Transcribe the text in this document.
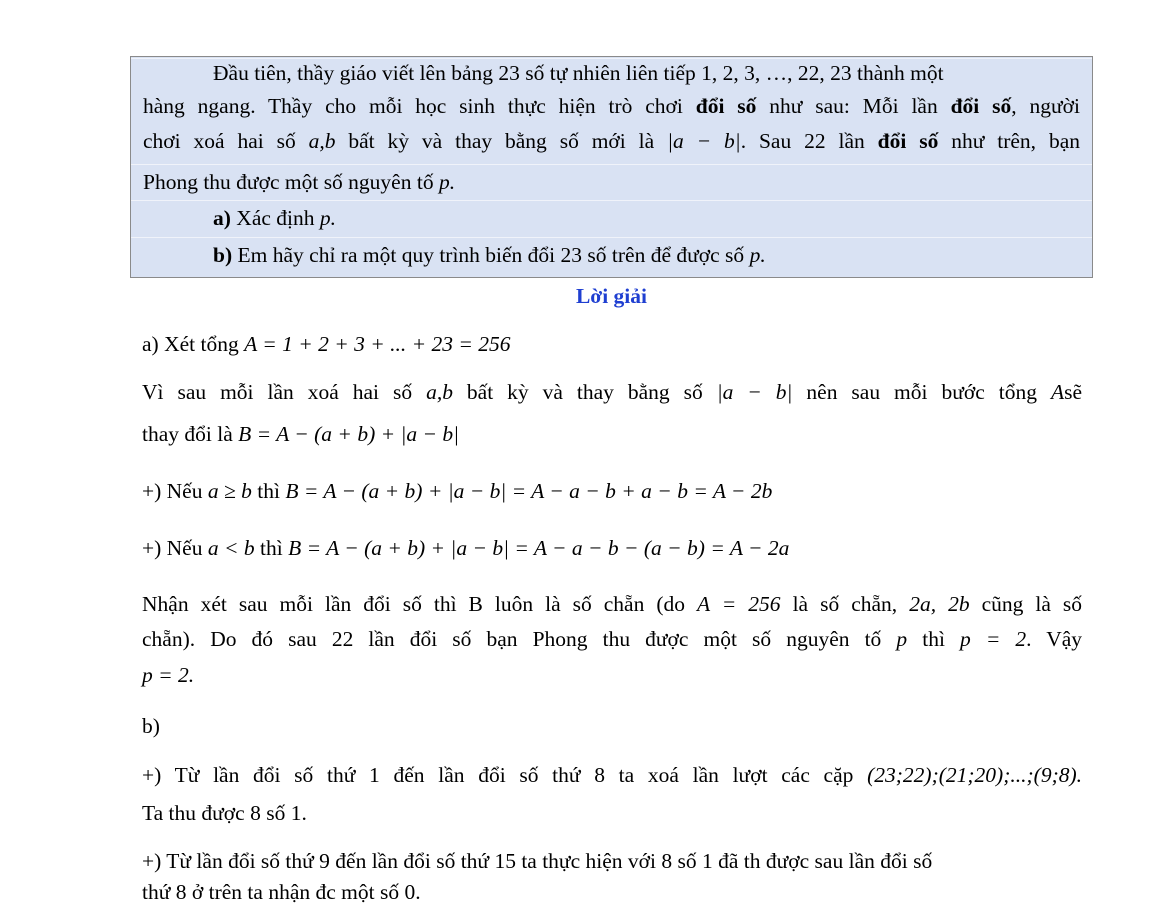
Đầu tiên, thầy giáo viết lên bảng 23 số tự nhiên liên tiếp 1, 2, 3, …, 22, 23 thành một
hàng ngang. Thầy cho mỗi học sinh thực hiện trò chơi đổi số như sau: Mỗi lần đổi số, người
chơi xoá hai số a,b bất kỳ và thay bằng số mới là |a − b|. Sau 22 lần đổi số như trên, bạn
Phong thu được một số nguyên tố p.
a) Xác định p.
b) Em hãy chỉ ra một quy trình biến đổi 23 số trên để được số p.
Lời giải
a) Xét tổng A = 1 + 2 + 3 + ... + 23 = 256
Vì sau mỗi lần xoá hai số a,b bất kỳ và thay bằng số |a − b| nên sau mỗi bước tổng Asẽ
thay đổi là B = A − (a + b) + |a − b|
+) Nếu a ≥ b thì B = A − (a + b) + |a − b| = A − a − b + a − b = A − 2b
+) Nếu a < b thì B = A − (a + b) + |a − b| = A − a − b − (a − b) = A − 2a
Nhận xét sau mỗi lần đổi số thì B luôn là số chẵn (do A = 256 là số chẵn, 2a, 2b cũng là số
chẵn). Do đó sau 22 lần đổi số bạn Phong thu được một số nguyên tố p thì p = 2. Vậy
p = 2.
b)
+) Từ lần đổi số thứ 1 đến lần đổi số thứ 8 ta xoá lần lượt các cặp (23;22);(21;20);...;(9;8).
Ta thu được 8 số 1.
+) Từ lần đổi số thứ 9 đến lần đổi số thứ 15 ta thực hiện với 8 số 1 đã th được sau lần đổi số
thứ 8 ở trên ta nhận đc một số 0.
